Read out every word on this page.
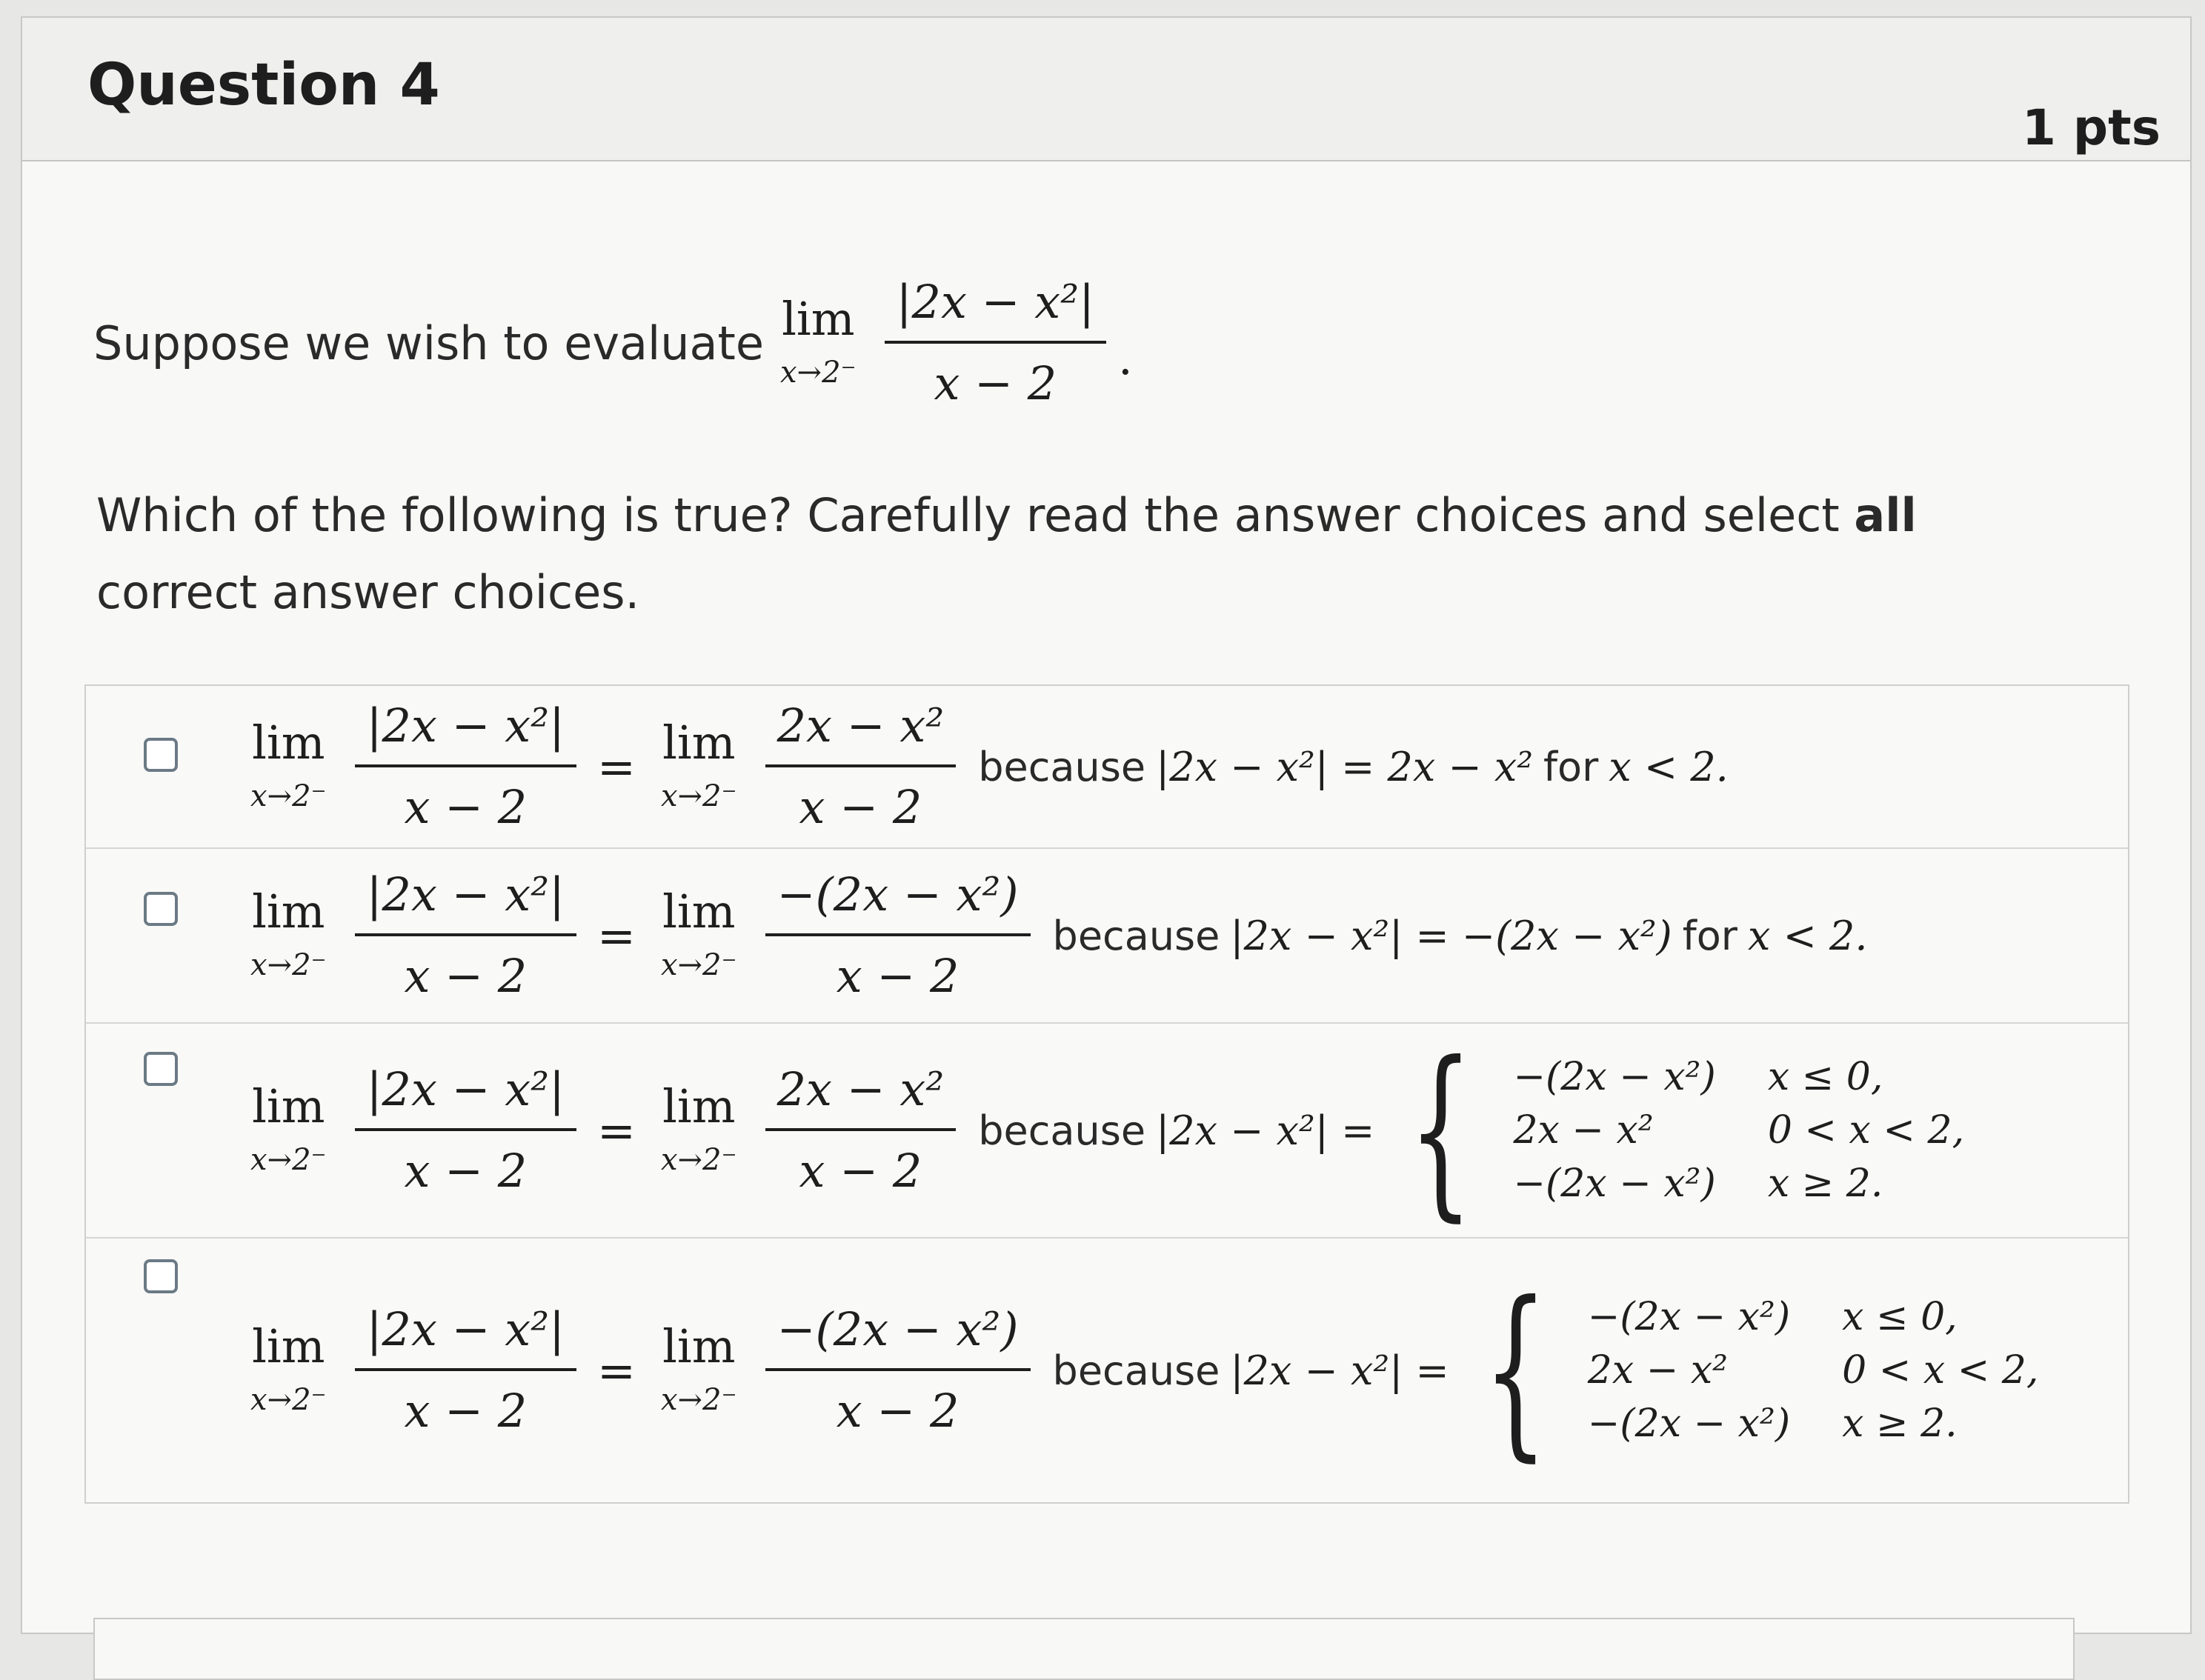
Question 4
1 pts
Suppose we wish to evaluate lim
$x\to 2^- \frac{\text{|2x − x²|}}{x - 2}$ .
Which of the following is true? Carefully read the answer choices and select all correct answer choices.
lim
$x\to 2^- \frac{\text{|2x − x²|}}{x - 2} = \lim$
$x\to 2^- \frac{\text{2x − x²}}{x - 2}$ because |2x − x²| = 2x − x² for x < 2.
lim
$x\to 2^- \frac{\text{|2x − x²|}}{x - 2} = \lim$
$x\to 2^- \frac{\text{−(2x − x²)}}{x - 2}$ because |2x − x²| = −(2x − x²) for x < 2.
lim
$x\to 2^- \frac{\text{|2x − x²|}}{x - 2} = \lim$
$x\to 2^- \frac{\text{2x − x²}}{x - 2}$ because |2x − x²| = { −(2x − x²)	x ≤ 0,
2x − x²	0 < x < 2,
−(2x − x²)	x ≥ 2.
lim
$x\to 2^- \frac{\text{|2x − x²|}}{x - 2} = \lim$
$x\to 2^- \frac{\text{−(2x − x²)}}{x - 2}$ because |2x − x²| = { −(2x − x²)	x ≤ 0,
2x − x²	0 < x < 2,
−(2x − x²)	x ≥ 2.
